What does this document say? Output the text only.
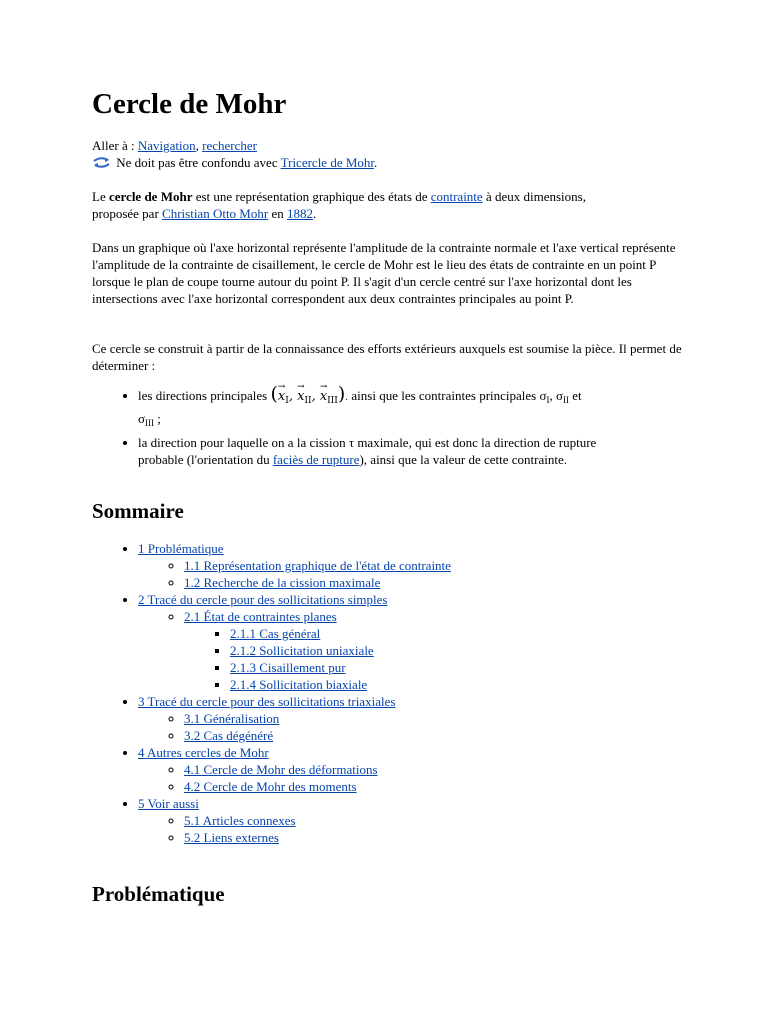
Cercle de Mohr
Aller à : Navigation, rechercher
Ne doit pas être confondu avec Tricercle de Mohr.

Le cercle de Mohr est une représentation graphique des états de contrainte à deux dimensions, proposée par Christian Otto Mohr en 1882.

Dans un graphique où l'axe horizontal représente l'amplitude de la contrainte normale et l'axe vertical représente l'amplitude de la contrainte de cisaillement, le cercle de Mohr est le lieu des états de contrainte en un point P lorsque le plan de coupe tourne autour du point P. Il s'agit d'un cercle centré sur l'axe horizontal dont les intersections avec l'axe horizontal correspondent aux deux contraintes principales au point P.

Ce cercle se construit à partir de la connaissance des efforts extérieurs auxquels est soumise la pièce. Il permet de déterminer :

• les directions principales (x
→
$_I$, x
→
$_{II}$, x
→
$_{III}$). ainsi que les contraintes principales $\sigma_I$, $\sigma_{II}$ et
$\sigma_{III}$ ;
• la direction pour laquelle on a la cission τ maximale, qui est donc la direction de rupture probable (l'orientation du faciès de rupture), ainsi que la valeur de cette contrainte.
Sommaire
• 1 Problématique
◦ 1.1 Représentation graphique de l'état de contrainte
◦ 1.2 Recherche de la cission maximale
• 2 Tracé du cercle pour des sollicitations simples
◦ 2.1 État de contraintes planes
▪ 2.1.1 Cas général
▪ 2.1.2 Sollicitation uniaxiale
▪ 2.1.3 Cisaillement pur
▪ 2.1.4 Sollicitation biaxiale
• 3 Tracé du cercle pour des sollicitations triaxiales
◦ 3.1 Généralisation
◦ 3.2 Cas dégénéré
• 4 Autres cercles de Mohr
◦ 4.1 Cercle de Mohr des déformations
◦ 4.2 Cercle de Mohr des moments
• 5 Voir aussi
◦ 5.1 Articles connexes
◦ 5.2 Liens externes
Problématique
